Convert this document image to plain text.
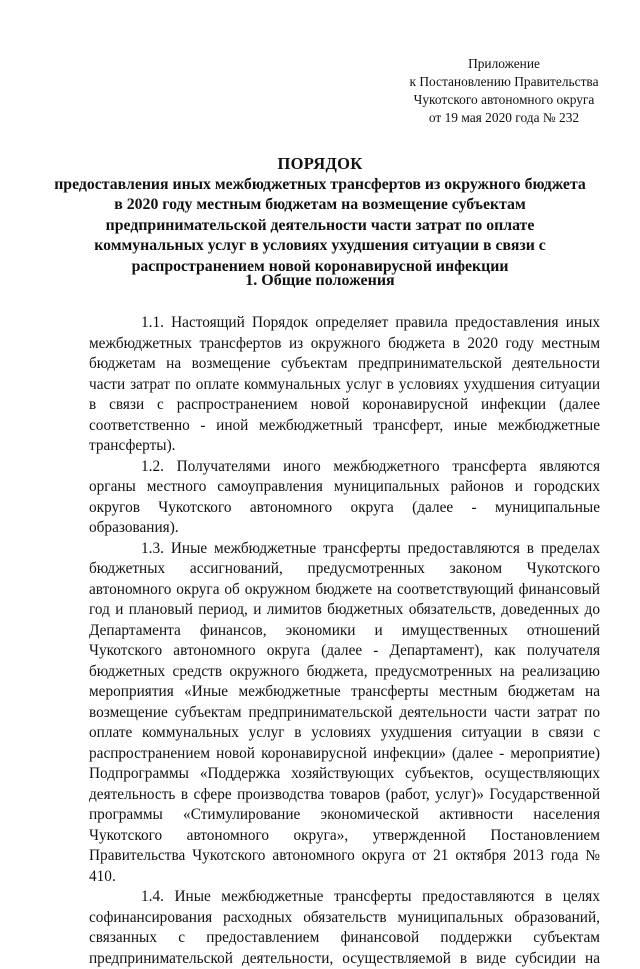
Приложение
к Постановлению Правительства
Чукотского автономного округа
от 19 мая 2020 года № 232
ПОРЯДОК
предоставления иных межбюджетных трансфертов из окружного бюджета
в 2020 году местным бюджетам на возмещение субъектам
предпринимательской деятельности части затрат по оплате
коммунальных услуг в условиях ухудшения ситуации в связи с
распространением новой коронавирусной инфекции
1. Общие положения

1.1. Настоящий Порядок определяет правила предоставления иных межбюджетных трансфертов из окружного бюджета в 2020 году местным бюджетам на возмещение субъектам предпринимательской деятельности части затрат по оплате коммунальных услуг в условиях ухудшения ситуации в связи с распространением новой коронавирусной инфекции (далее соответственно - иной межбюджетный трансферт, иные межбюджетные трансферты).

1.2. Получателями иного межбюджетного трансферта являются органы местного самоуправления муниципальных районов и городских округов Чукотского автономного округа (далее - муниципальные образования).

1.3. Иные межбюджетные трансферты предоставляются в пределах бюджетных ассигнований, предусмотренных законом Чукотского автономного округа об окружном бюджете на соответствующий финансовый год и плановый период, и лимитов бюджетных обязательств, доведенных до Департамента финансов, экономики и имущественных отношений Чукотского автономного округа (далее - Департамент), как получателя бюджетных средств окружного бюджета, предусмотренных на реализацию мероприятия «Иные межбюджетные трансферты местным бюджетам на возмещение субъектам предпринимательской деятельности части затрат по оплате коммунальных услуг в условиях ухудшения ситуации в связи с распространением новой коронавирусной инфекции» (далее - мероприятие) Подпрограммы «Поддержка хозяйствующих субъектов, осуществляющих деятельность в сфере производства товаров (работ, услуг)» Государственной программы «Стимулирование экономической активности населения Чукотского автономного округа», утвержденной Постановлением Правительства Чукотского автономного округа от 21 октября 2013 года № 410.

1.4. Иные межбюджетные трансферты предоставляются в целях софинансирования расходных обязательств муниципальных образований, связанных с предоставлением финансовой поддержки субъектам предпринимательской деятельности, осуществляемой в виде субсидии на
